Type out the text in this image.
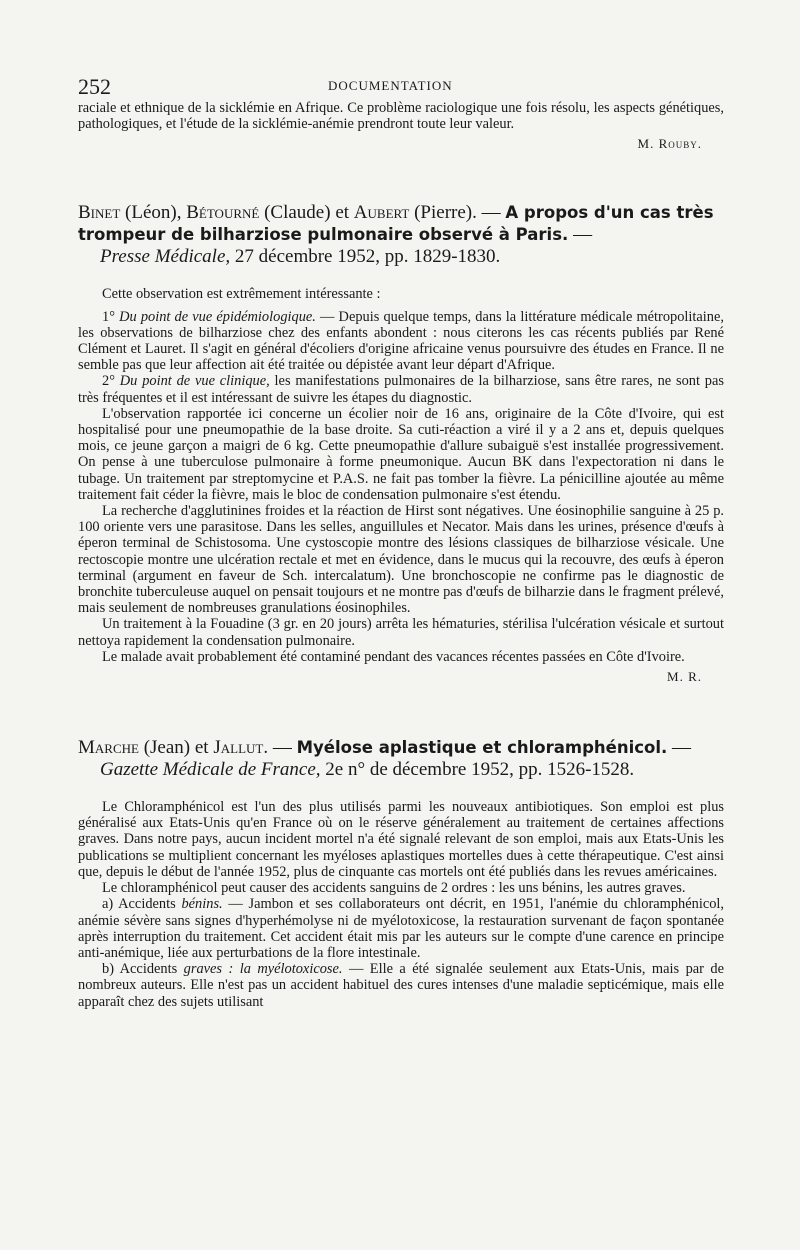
252	DOCUMENTATION

raciale et ethnique de la sicklémie en Afrique. Ce problème raciologique une fois résolu, les aspects génétiques, pathologiques, et l'étude de la sicklémie-anémie prendront toute leur valeur.

M. Rouby.
Binet (Léon), Bétourné (Claude) et Aubert (Pierre). — A propos d'un cas très trompeur de bilharziose pulmonaire observé à Paris. —
Presse Médicale, 27 décembre 1952, pp. 1829-1830.

Cette observation est extrêmement intéressante :

1° Du point de vue épidémiologique. — Depuis quelque temps, dans la littérature médicale métropolitaine, les observations de bilharziose chez des enfants abondent : nous citerons les cas récents publiés par René Clément et Lauret. Il s'agit en général d'écoliers d'origine africaine venus poursuivre des études en France. Il ne semble pas que leur affection ait été traitée ou dépistée avant leur départ d'Afrique.

2° Du point de vue clinique, les manifestations pulmonaires de la bilharziose, sans être rares, ne sont pas très fréquentes et il est intéressant de suivre les étapes du diagnostic.

L'observation rapportée ici concerne un écolier noir de 16 ans, originaire de la Côte d'Ivoire, qui est hospitalisé pour une pneumopathie de la base droite. Sa cuti-réaction a viré il y a 2 ans et, depuis quelques mois, ce jeune garçon a maigri de 6 kg. Cette pneumopathie d'allure subaiguë s'est installée progressivement. On pense à une tuberculose pulmonaire à forme pneumonique. Aucun BK dans l'expectoration ni dans le tubage. Un traitement par streptomycine et P.A.S. ne fait pas tomber la fièvre. La pénicilline ajoutée au même traitement fait céder la fièvre, mais le bloc de condensation pulmonaire s'est étendu.

La recherche d'agglutinines froides et la réaction de Hirst sont négatives. Une éosinophilie sanguine à 25 p. 100 oriente vers une parasitose. Dans les selles, anguillules et Necator. Mais dans les urines, présence d'œufs à éperon terminal de Schistosoma. Une cystoscopie montre des lésions classiques de bilharziose vésicale. Une rectoscopie montre une ulcération rectale et met en évidence, dans le mucus qui la recouvre, des œufs à éperon terminal (argument en faveur de Sch. intercalatum). Une bronchoscopie ne confirme pas le diagnostic de bronchite tuberculeuse auquel on pensait toujours et ne montre pas d'œufs de bilharzie dans le fragment prélevé, mais seulement de nombreuses granulations éosinophiles.

Un traitement à la Fouadine (3 gr. en 20 jours) arrêta les hématuries, stérilisa l'ulcération vésicale et surtout nettoya rapidement la condensation pulmonaire.

Le malade avait probablement été contaminé pendant des vacances récentes passées en Côte d'Ivoire.

M. R.
Marche (Jean) et Jallut. — Myélose aplastique et chloramphénicol. —
Gazette Médicale de France, 2e n° de décembre 1952, pp. 1526-1528.

Le Chloramphénicol est l'un des plus utilisés parmi les nouveaux antibiotiques. Son emploi est plus généralisé aux Etats-Unis qu'en France où on le réserve généralement au traitement de certaines affections graves. Dans notre pays, aucun incident mortel n'a été signalé relevant de son emploi, mais aux Etats-Unis les publications se multiplient concernant les myéloses aplastiques mortelles dues à cette thérapeutique. C'est ainsi que, depuis le début de l'année 1952, plus de cinquante cas mortels ont été publiés dans les revues américaines.

Le chloramphénicol peut causer des accidents sanguins de 2 ordres : les uns bénins, les autres graves.

a) Accidents bénins. — Jambon et ses collaborateurs ont décrit, en 1951, l'anémie du chloramphénicol, anémie sévère sans signes d'hyperhémolyse ni de myélotoxicose, la restauration survenant de façon spontanée après interruption du traitement. Cet accident était mis par les auteurs sur le compte d'une carence en principe anti-anémique, liée aux perturbations de la flore intestinale.

b) Accidents graves : la myélotoxicose. — Elle a été signalée seulement aux Etats-Unis, mais par de nombreux auteurs. Elle n'est pas un accident habituel des cures intenses d'une maladie septicémique, mais elle apparaît chez des sujets utilisant
